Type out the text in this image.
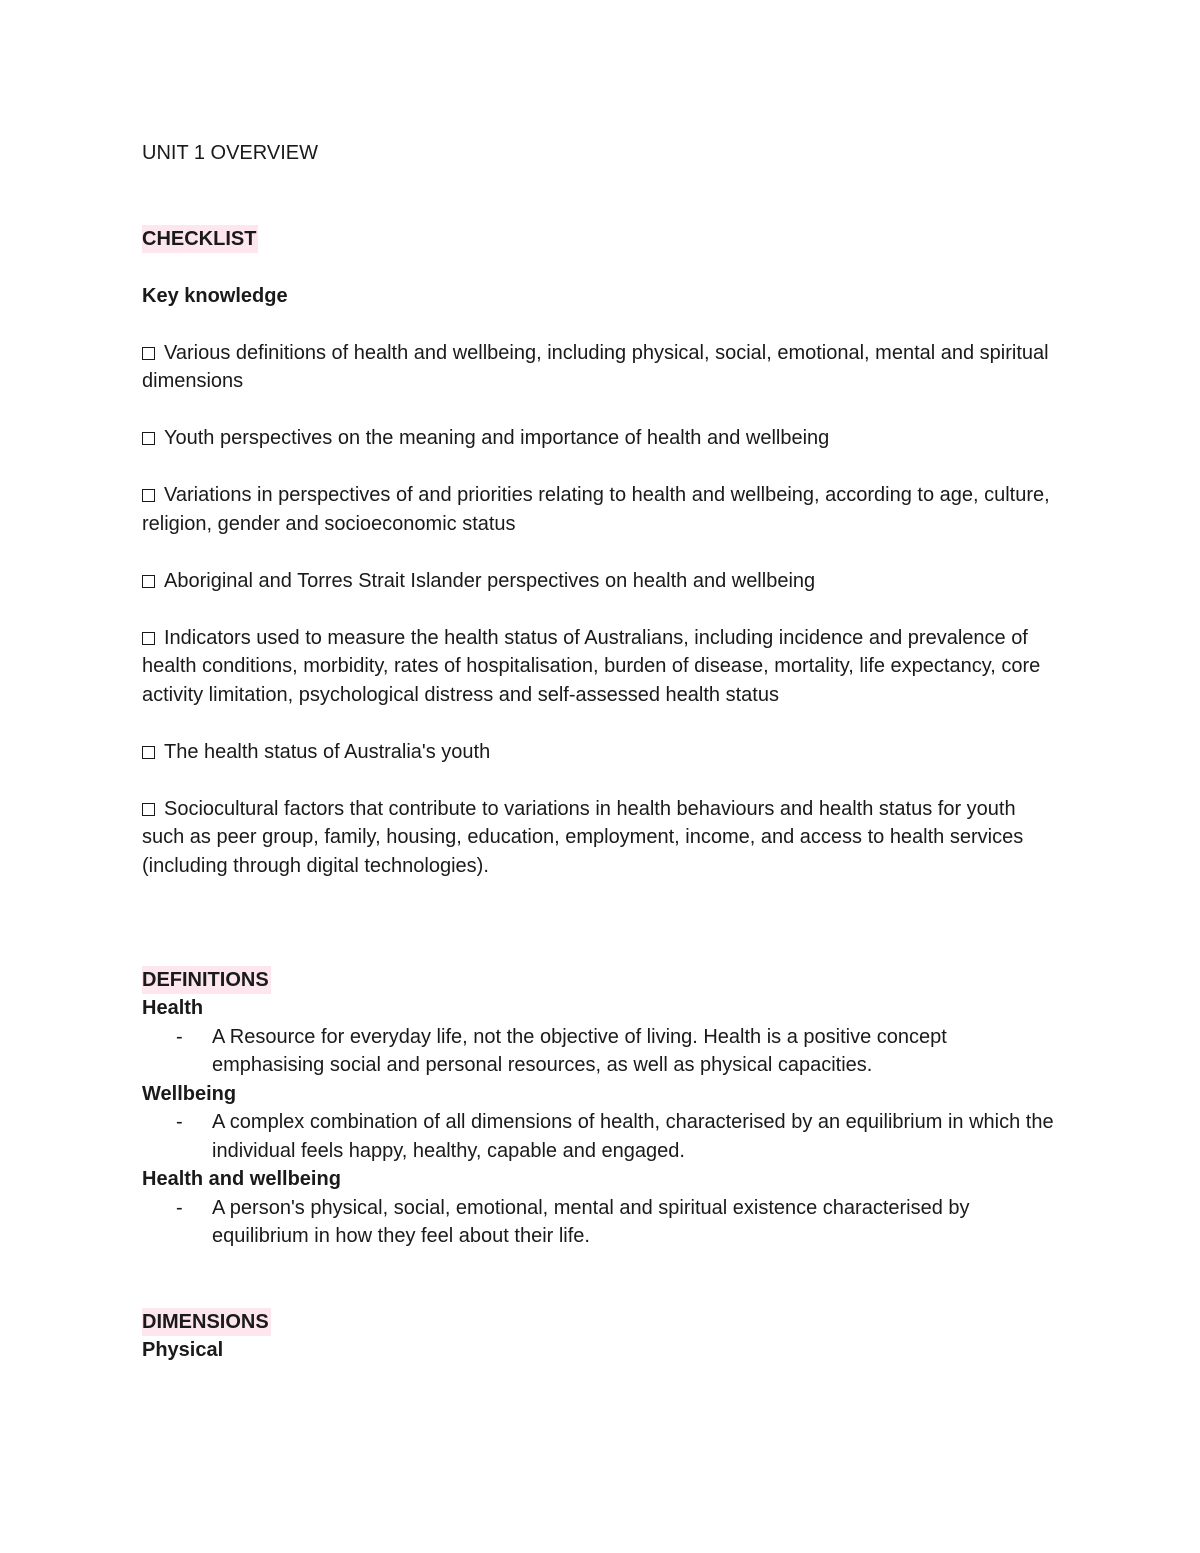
UNIT 1 OVERVIEW

CHECKLIST

Key knowledge

Various definitions of health and wellbeing, including physical, social, emotional, mental and spiritual dimensions
Youth perspectives on the meaning and importance of health and wellbeing
Variations in perspectives of and priorities relating to health and wellbeing, according to age, culture, religion, gender and socioeconomic status
Aboriginal and Torres Strait Islander perspectives on health and wellbeing
Indicators used to measure the health status of Australians, including incidence and prevalence of health conditions, morbidity, rates of hospitalisation, burden of disease, mortality, life expectancy, core activity limitation, psychological distress and self-assessed health status
The health status of Australia's youth
Sociocultural factors that contribute to variations in health behaviours and health status for youth such as peer group, family, housing, education, employment, income, and access to health services (including through digital technologies).

DEFINITIONS

Health

- A Resource for everyday life, not the objective of living. Health is a positive concept emphasising social and personal resources, as well as physical capacities.

Wellbeing

- A complex combination of all dimensions of health, characterised by an equilibrium in which the individual feels happy, healthy, capable and engaged.

Health and wellbeing

- A person's physical, social, emotional, mental and spiritual existence characterised by equilibrium in how they feel about their life.

DIMENSIONS

Physical
